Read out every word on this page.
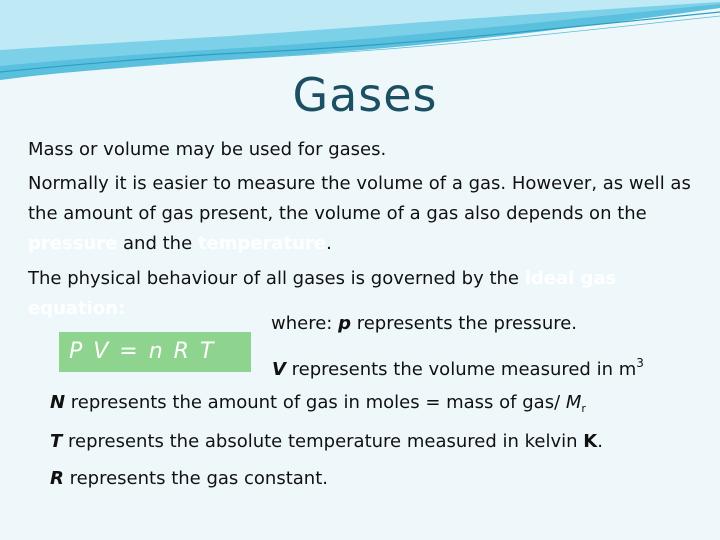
Gases
Mass or volume may be used for gases.
Normally it is easier to measure the volume of a gas. However, as well as the amount of gas present, the volume of a gas also depends on the pressure and the temperature.
The physical behaviour of all gases is governed by the ideal gas equation:
P V = n R T
where: p represents the pressure.
V represents the volume measured in $m^3$
N represents the amount of gas in moles = mass of gas/ $M_r$
T represents the absolute temperature measured in kelvin K.
R represents the gas constant.
